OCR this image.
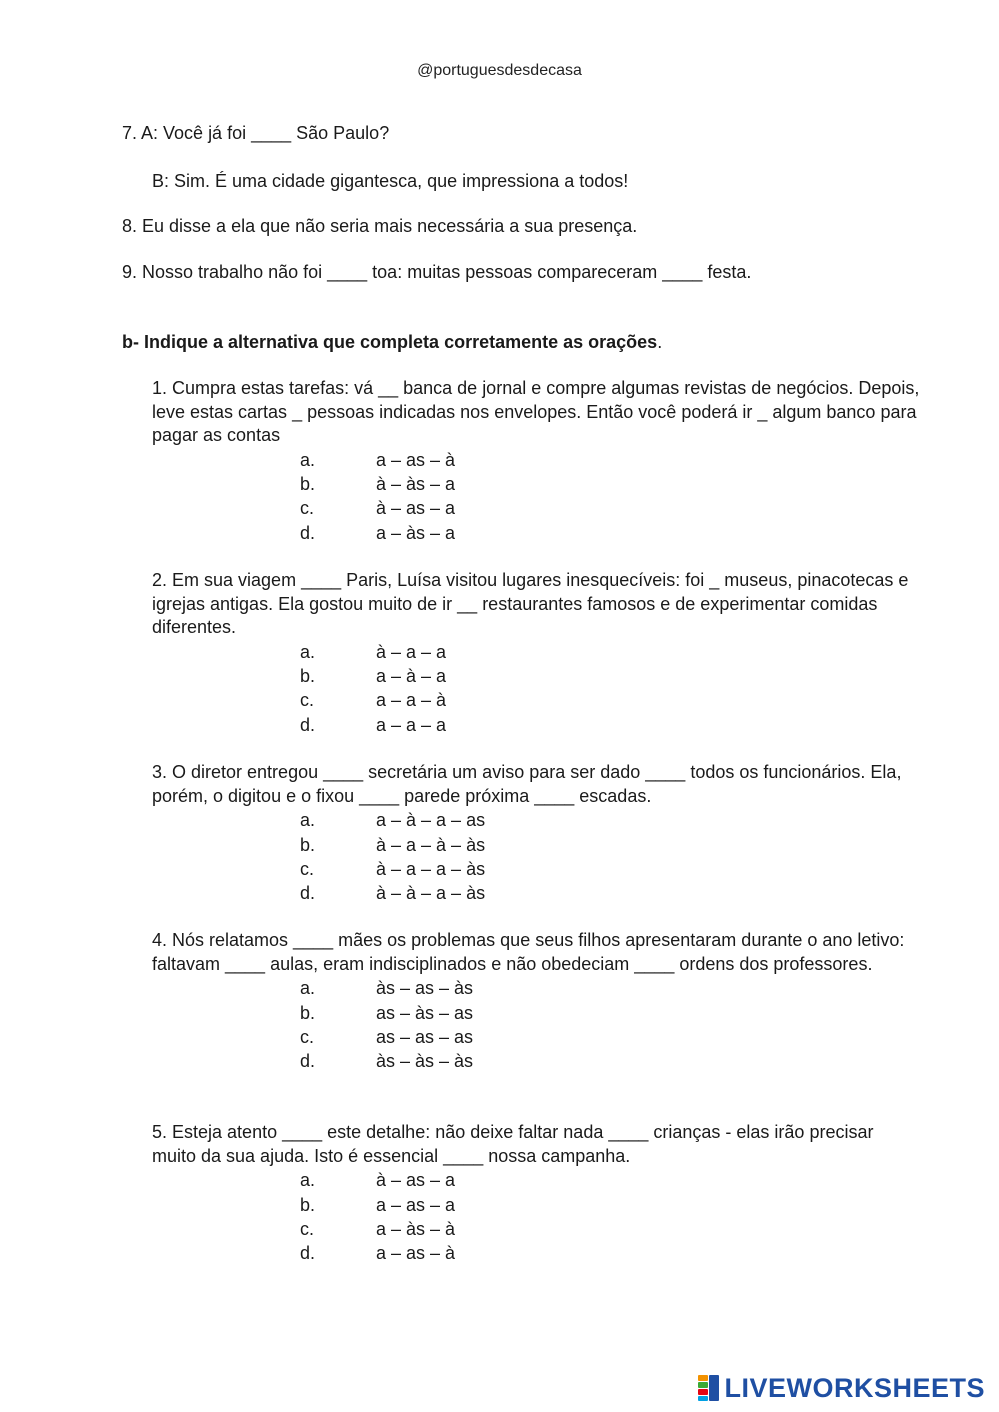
@portuguesdesdecasa
7. A: Você já foi ____ São Paulo?
B: Sim. É uma cidade gigantesca, que impressiona a todos!
8. Eu disse a ela que não seria mais necessária a sua presença.
9. Nosso trabalho não foi ____ toa: muitas pessoas compareceram ____ festa.
b- Indique a alternativa que completa corretamente as orações.

1. Cumpra estas tarefas: vá __ banca de jornal e compre algumas revistas de negócios. Depois, leve estas cartas _ pessoas indicadas nos envelopes. Então você poderá ir _ algum banco para pagar as contas

a.	a – as – à
b.	à – às – a
c.	à – as – a
d.	a – às – a

2. Em sua viagem ____ Paris, Luísa visitou lugares inesquecíveis: foi _ museus, pinacotecas e igrejas antigas. Ela gostou muito de ir __ restaurantes famosos e de experimentar comidas diferentes.

a.	à – a – a
b.	a – à – a
c.	a – a – à
d.	a – a – a

3. O diretor entregou ____ secretária um aviso para ser dado ____ todos os funcionários. Ela, porém, o digitou e o fixou ____ parede próxima ____ escadas.

a.	a – à – a – as
b.	à – a – à – às
c.	à – a – a – às
d.	à – à – a – às

4. Nós relatamos ____ mães os problemas que seus filhos apresentaram durante o ano letivo: faltavam ____ aulas, eram indisciplinados e não obedeciam ____ ordens dos professores.

a.	às – as – às
b.	as – às – as
c.	as – as – as
d.	às – às – às

5. Esteja atento ____ este detalhe: não deixe faltar nada ____ crianças - elas irão precisar muito da sua ajuda. Isto é essencial ____ nossa campanha.

a.	à – as – a
b.	a – as – a
c.	a – às – à
d.	a – as – à
LIVEWORKSHEETS
